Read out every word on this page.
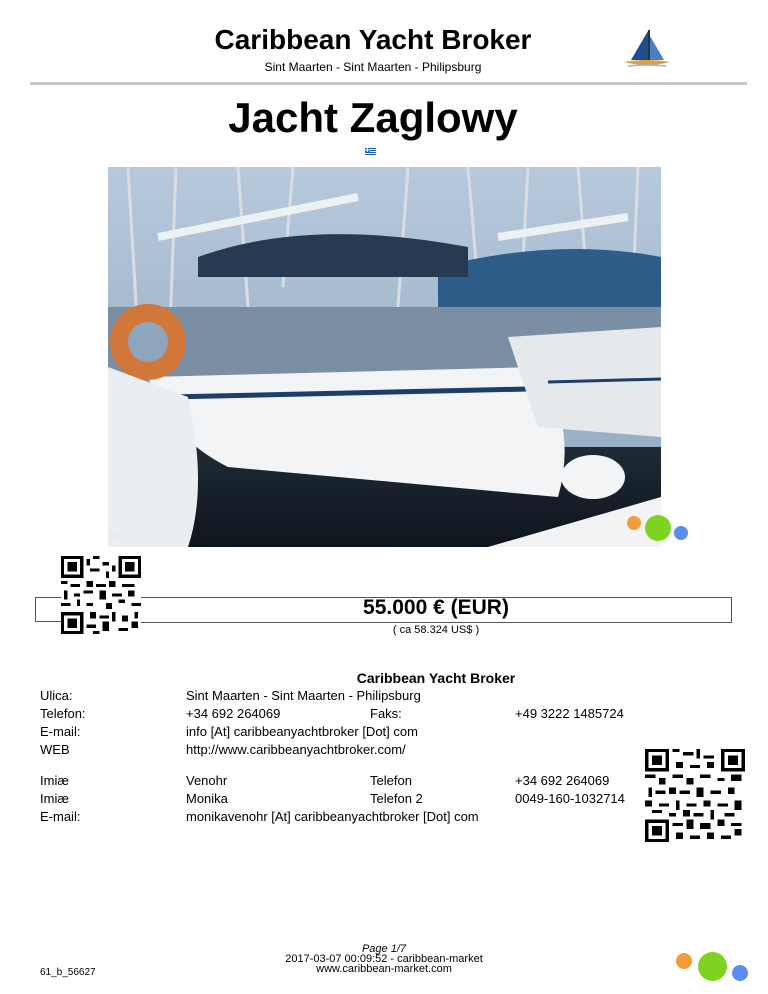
Caribbean Yacht Broker
Sint Maarten - Sint Maarten - Philipsburg
Jacht Zaglowy
627
55.000 € (EUR)
( ca 58.324 US$ )
Caribbean Yacht Broker
Ulica:	Sint Maarten - Sint Maarten - Philipsburg
Telefon:	+34 692 264069	Faks:	+49 3222 1485724
E-mail:	info [At] caribbeanyachtbroker [Dot] com
WEB	http://www.caribbeanyachtbroker.com/
Imiæ	Venohr	Telefon	+34 692 264069
Imiæ	Monika	Telefon 2	0049-160-1032714
E-mail:	monikavenohr [At] caribbeanyachtbroker [Dot] com
Page 1/7
2017-03-07 00:09:52 - caribbean-market
www.caribbean-market.com
61_b_56627
